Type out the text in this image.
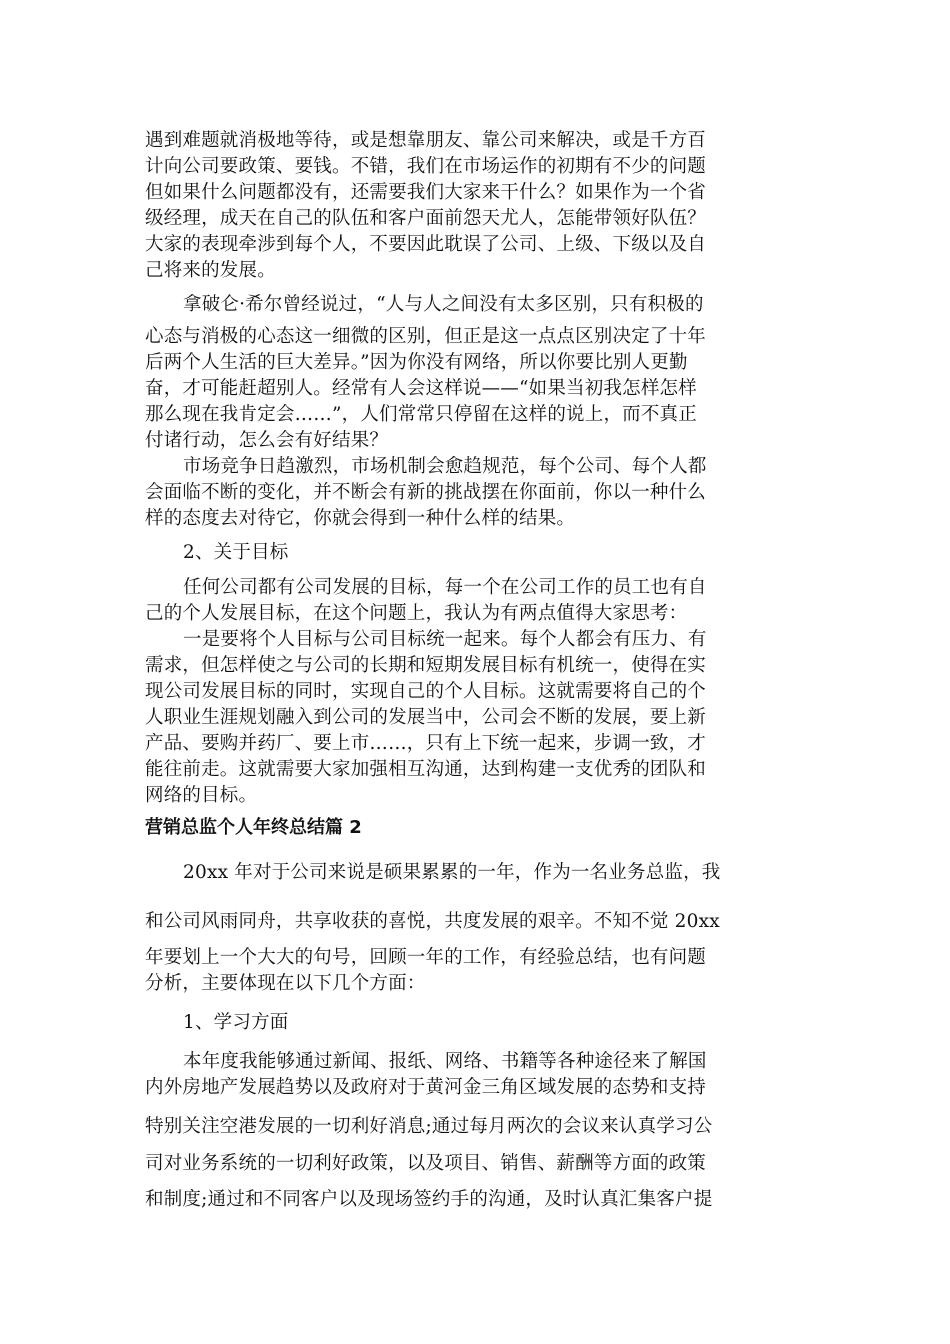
遇到难题就消极地等待，或是想靠朋友、靠公司来解决，或是千方百
计向公司要政策、要钱。不错，我们在市场运作的初期有不少的问题
但如果什么问题都没有，还需要我们大家来干什么？如果作为一个省
级经理，成天在自己的队伍和客户面前怨天尤人，怎能带领好队伍？
大家的表现牵涉到每个人，不要因此耽误了公司、上级、下级以及自
己将来的发展。
拿破仑·希尔曾经说过，“人与人之间没有太多区别，只有积极的
心态与消极的心态这一细微的区别，但正是这一点点区别决定了十年
后两个人生活的巨大差异。”因为你没有网络，所以你要比别人更勤
奋，才可能赶超别人。经常有人会这样说——“如果当初我怎样怎样
那么现在我肯定会……”，人们常常只停留在这样的说上，而不真正
付诸行动，怎么会有好结果？
市场竞争日趋激烈，市场机制会愈趋规范，每个公司、每个人都
会面临不断的变化，并不断会有新的挑战摆在你面前，你以一种什么
样的态度去对待它，你就会得到一种什么样的结果。
2、关于目标
任何公司都有公司发展的目标，每一个在公司工作的员工也有自
己的个人发展目标，在这个问题上，我认为有两点值得大家思考：
一是要将个人目标与公司目标统一起来。每个人都会有压力、有
需求，但怎样使之与公司的长期和短期发展目标有机统一，使得在实
现公司发展目标的同时，实现自己的个人目标。这就需要将自己的个
人职业生涯规划融入到公司的发展当中，公司会不断的发展，要上新
产品、要购并药厂、要上市……，只有上下统一起来，步调一致，才
能往前走。这就需要大家加强相互沟通，达到构建一支优秀的团队和
网络的目标。
营销总监个人年终总结篇 2
20xx 年对于公司来说是硕果累累的一年，作为一名业务总监，我
和公司风雨同舟，共享收获的喜悦，共度发展的艰辛。不知不觉 20xx
年要划上一个大大的句号，回顾一年的工作，有经验总结，也有问题
分析，主要体现在以下几个方面：
1、学习方面
本年度我能够通过新闻、报纸、网络、书籍等各种途径来了解国
内外房地产发展趋势以及政府对于黄河金三角区域发展的态势和支持
特别关注空港发展的一切利好消息;通过每月两次的会议来认真学习公
司对业务系统的一切利好政策，以及项目、销售、薪酬等方面的政策
和制度;通过和不同客户以及现场签约手的沟通，及时认真汇集客户提
